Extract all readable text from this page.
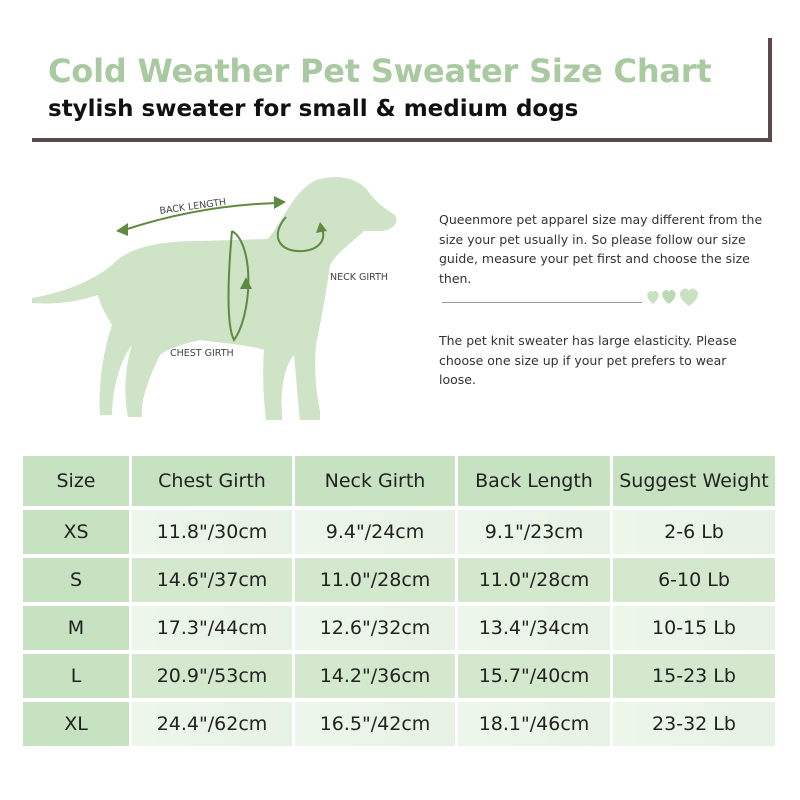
Cold Weather Pet Sweater Size Chart
stylish sweater for small & medium dogs
BACK LENGTH
NECK GIRTH
CHEST GIRTH
Queenmore pet apparel size may different from the size your pet usually in. So please follow our size guide, measure your pet first and choose the size then.
The pet knit sweater has large elasticity. Please choose one size up if your pet prefers to wear loose.
Size	Chest Girth	Neck Girth	Back Length	Suggest Weight
XS	11.8"/30cm	9.4"/24cm	9.1"/23cm	2-6 Lb
S	14.6"/37cm	11.0"/28cm	11.0"/28cm	6-10 Lb
M	17.3"/44cm	12.6"/32cm	13.4"/34cm	10-15 Lb
L	20.9"/53cm	14.2"/36cm	15.7"/40cm	15-23 Lb
XL	24.4"/62cm	16.5"/42cm	18.1"/46cm	23-32 Lb
